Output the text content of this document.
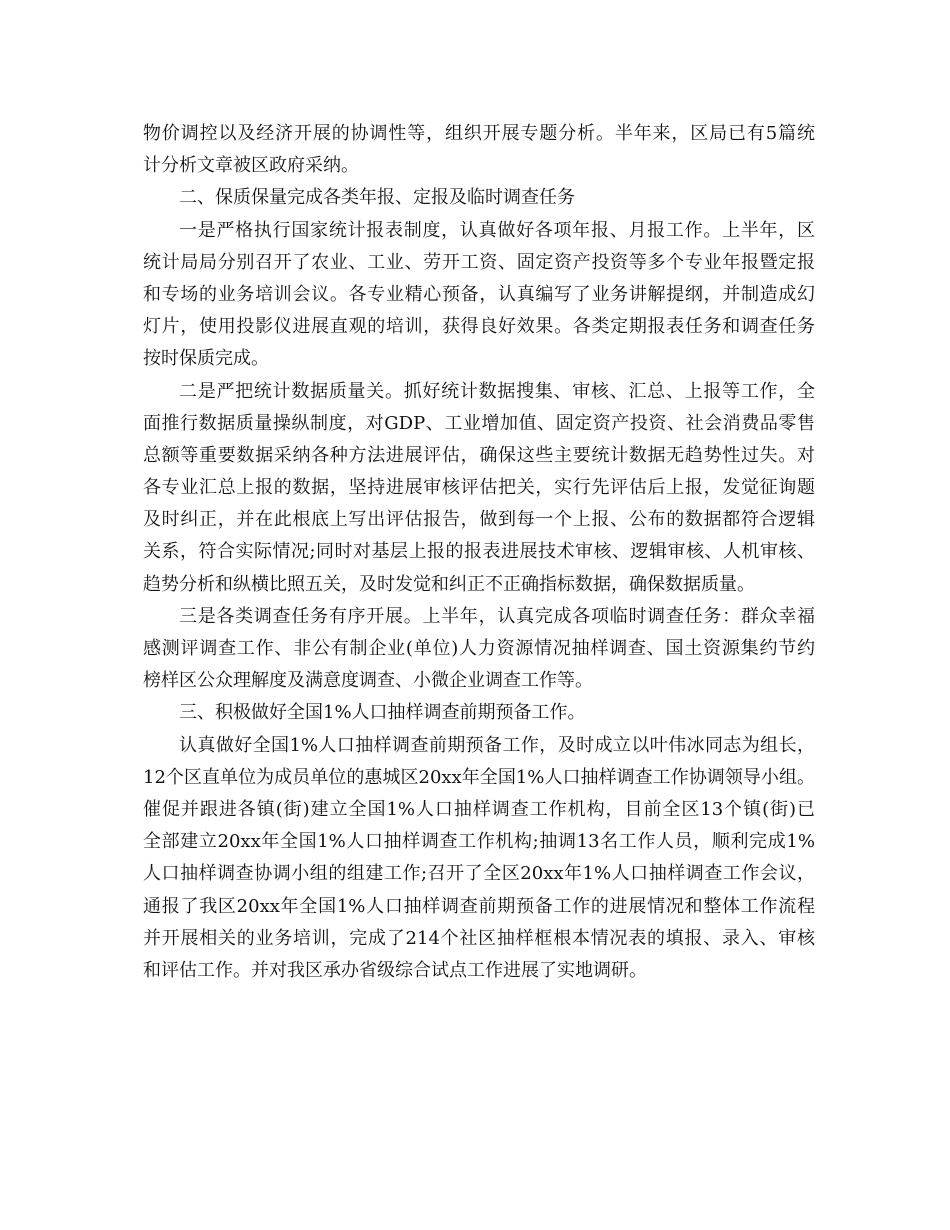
物价调控以及经济开展的协调性等，组织开展专题分析。半年来，区局已有5篇统
计分析文章被区政府采纳。
二、保质保量完成各类年报、定报及临时调查任务
一是严格执行国家统计报表制度，认真做好各项年报、月报工作。上半年，区
统计局局分别召开了农业、工业、劳开工资、固定资产投资等多个专业年报暨定报
和专场的业务培训会议。各专业精心预备，认真编写了业务讲解提纲，并制造成幻
灯片，使用投影仪进展直观的培训，获得良好效果。各类定期报表任务和调查任务
按时保质完成。
二是严把统计数据质量关。抓好统计数据搜集、审核、汇总、上报等工作，全
面推行数据质量操纵制度，对GDP、工业增加值、固定资产投资、社会消费品零售
总额等重要数据采纳各种方法进展评估，确保这些主要统计数据无趋势性过失。对
各专业汇总上报的数据，坚持进展审核评估把关，实行先评估后上报，发觉征询题
及时纠正，并在此根底上写出评估报告，做到每一个上报、公布的数据都符合逻辑
关系，符合实际情况;同时对基层上报的报表进展技术审核、逻辑审核、人机审核、
趋势分析和纵横比照五关，及时发觉和纠正不正确指标数据，确保数据质量。
三是各类调查任务有序开展。上半年，认真完成各项临时调查任务：群众幸福
感测评调查工作、非公有制企业(单位)人力资源情况抽样调查、国土资源集约节约
榜样区公众理解度及满意度调查、小微企业调查工作等。
三、积极做好全国1%人口抽样调查前期预备工作。
认真做好全国1%人口抽样调查前期预备工作，及时成立以叶伟冰同志为组长，
12个区直单位为成员单位的惠城区20xx年全国1%人口抽样调查工作协调领导小组。
催促并跟进各镇(街)建立全国1%人口抽样调查工作机构，目前全区13个镇(街)已
全部建立20xx年全国1%人口抽样调查工作机构;抽调13名工作人员，顺利完成1%
人口抽样调查协调小组的组建工作;召开了全区20xx年1%人口抽样调查工作会议，
通报了我区20xx年全国1%人口抽样调查前期预备工作的进展情况和整体工作流程
并开展相关的业务培训，完成了214个社区抽样框根本情况表的填报、录入、审核
和评估工作。并对我区承办省级综合试点工作进展了实地调研。
